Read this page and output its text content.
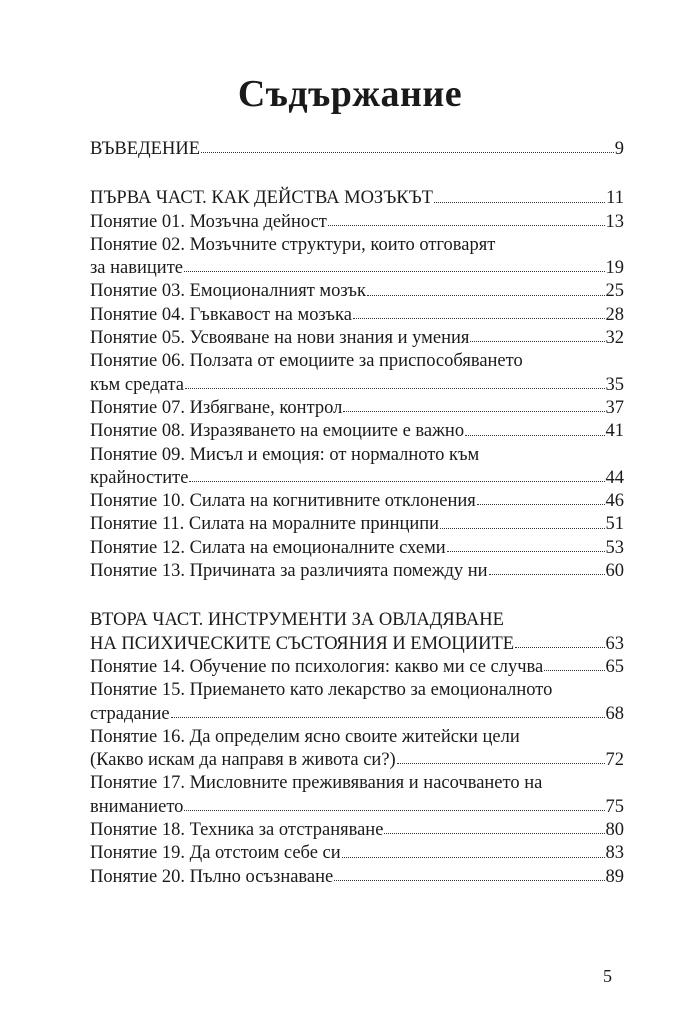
Съдържание
ВЪВЕДЕНИЕ	9
ПЪРВА ЧАСТ. КАК ДЕЙСТВА МОЗЪКЪТ	11
Понятие 01. Мозъчна дейност	13
Понятие 02. Мозъчните структури, които отговарят
за навиците	19
Понятие 03. Емоционалният мозък	25
Понятие 04. Гъвкавост на мозъка	28
Понятие 05. Усвояване на нови знания и умения	32
Понятие 06. Ползата от емоциите за приспособяването
към средата	35
Понятие 07. Избягване, контрол	37
Понятие 08. Изразяването на емоциите е важно	41
Понятие 09. Мисъл и емоция: от нормалното към
крайностите	44
Понятие 10. Силата на когнитивните отклонения	46
Понятие 11. Силата на моралните принципи	51
Понятие 12. Силата на емоционалните схеми	53
Понятие 13. Причината за различията помежду ни	60
ВТОРА ЧАСТ. ИНСТРУМЕНТИ ЗА ОВЛАДЯВАНЕ
НА ПСИХИЧЕСКИТЕ СЪСТОЯНИЯ И ЕМОЦИИТЕ	63
Понятие 14. Обучение по психология: какво ми се случва	65
Понятие 15. Приемането като лекарство за емоционалното
страдание	68
Понятие 16. Да определим ясно своите житейски цели
(Какво искам да направя в живота си?)	72
Понятие 17. Мисловните преживявания и насочването на
вниманието	75
Понятие 18. Техника за отстраняване	80
Понятие 19. Да отстоим себе си	83
Понятие 20. Пълно осъзнаване	89
5
